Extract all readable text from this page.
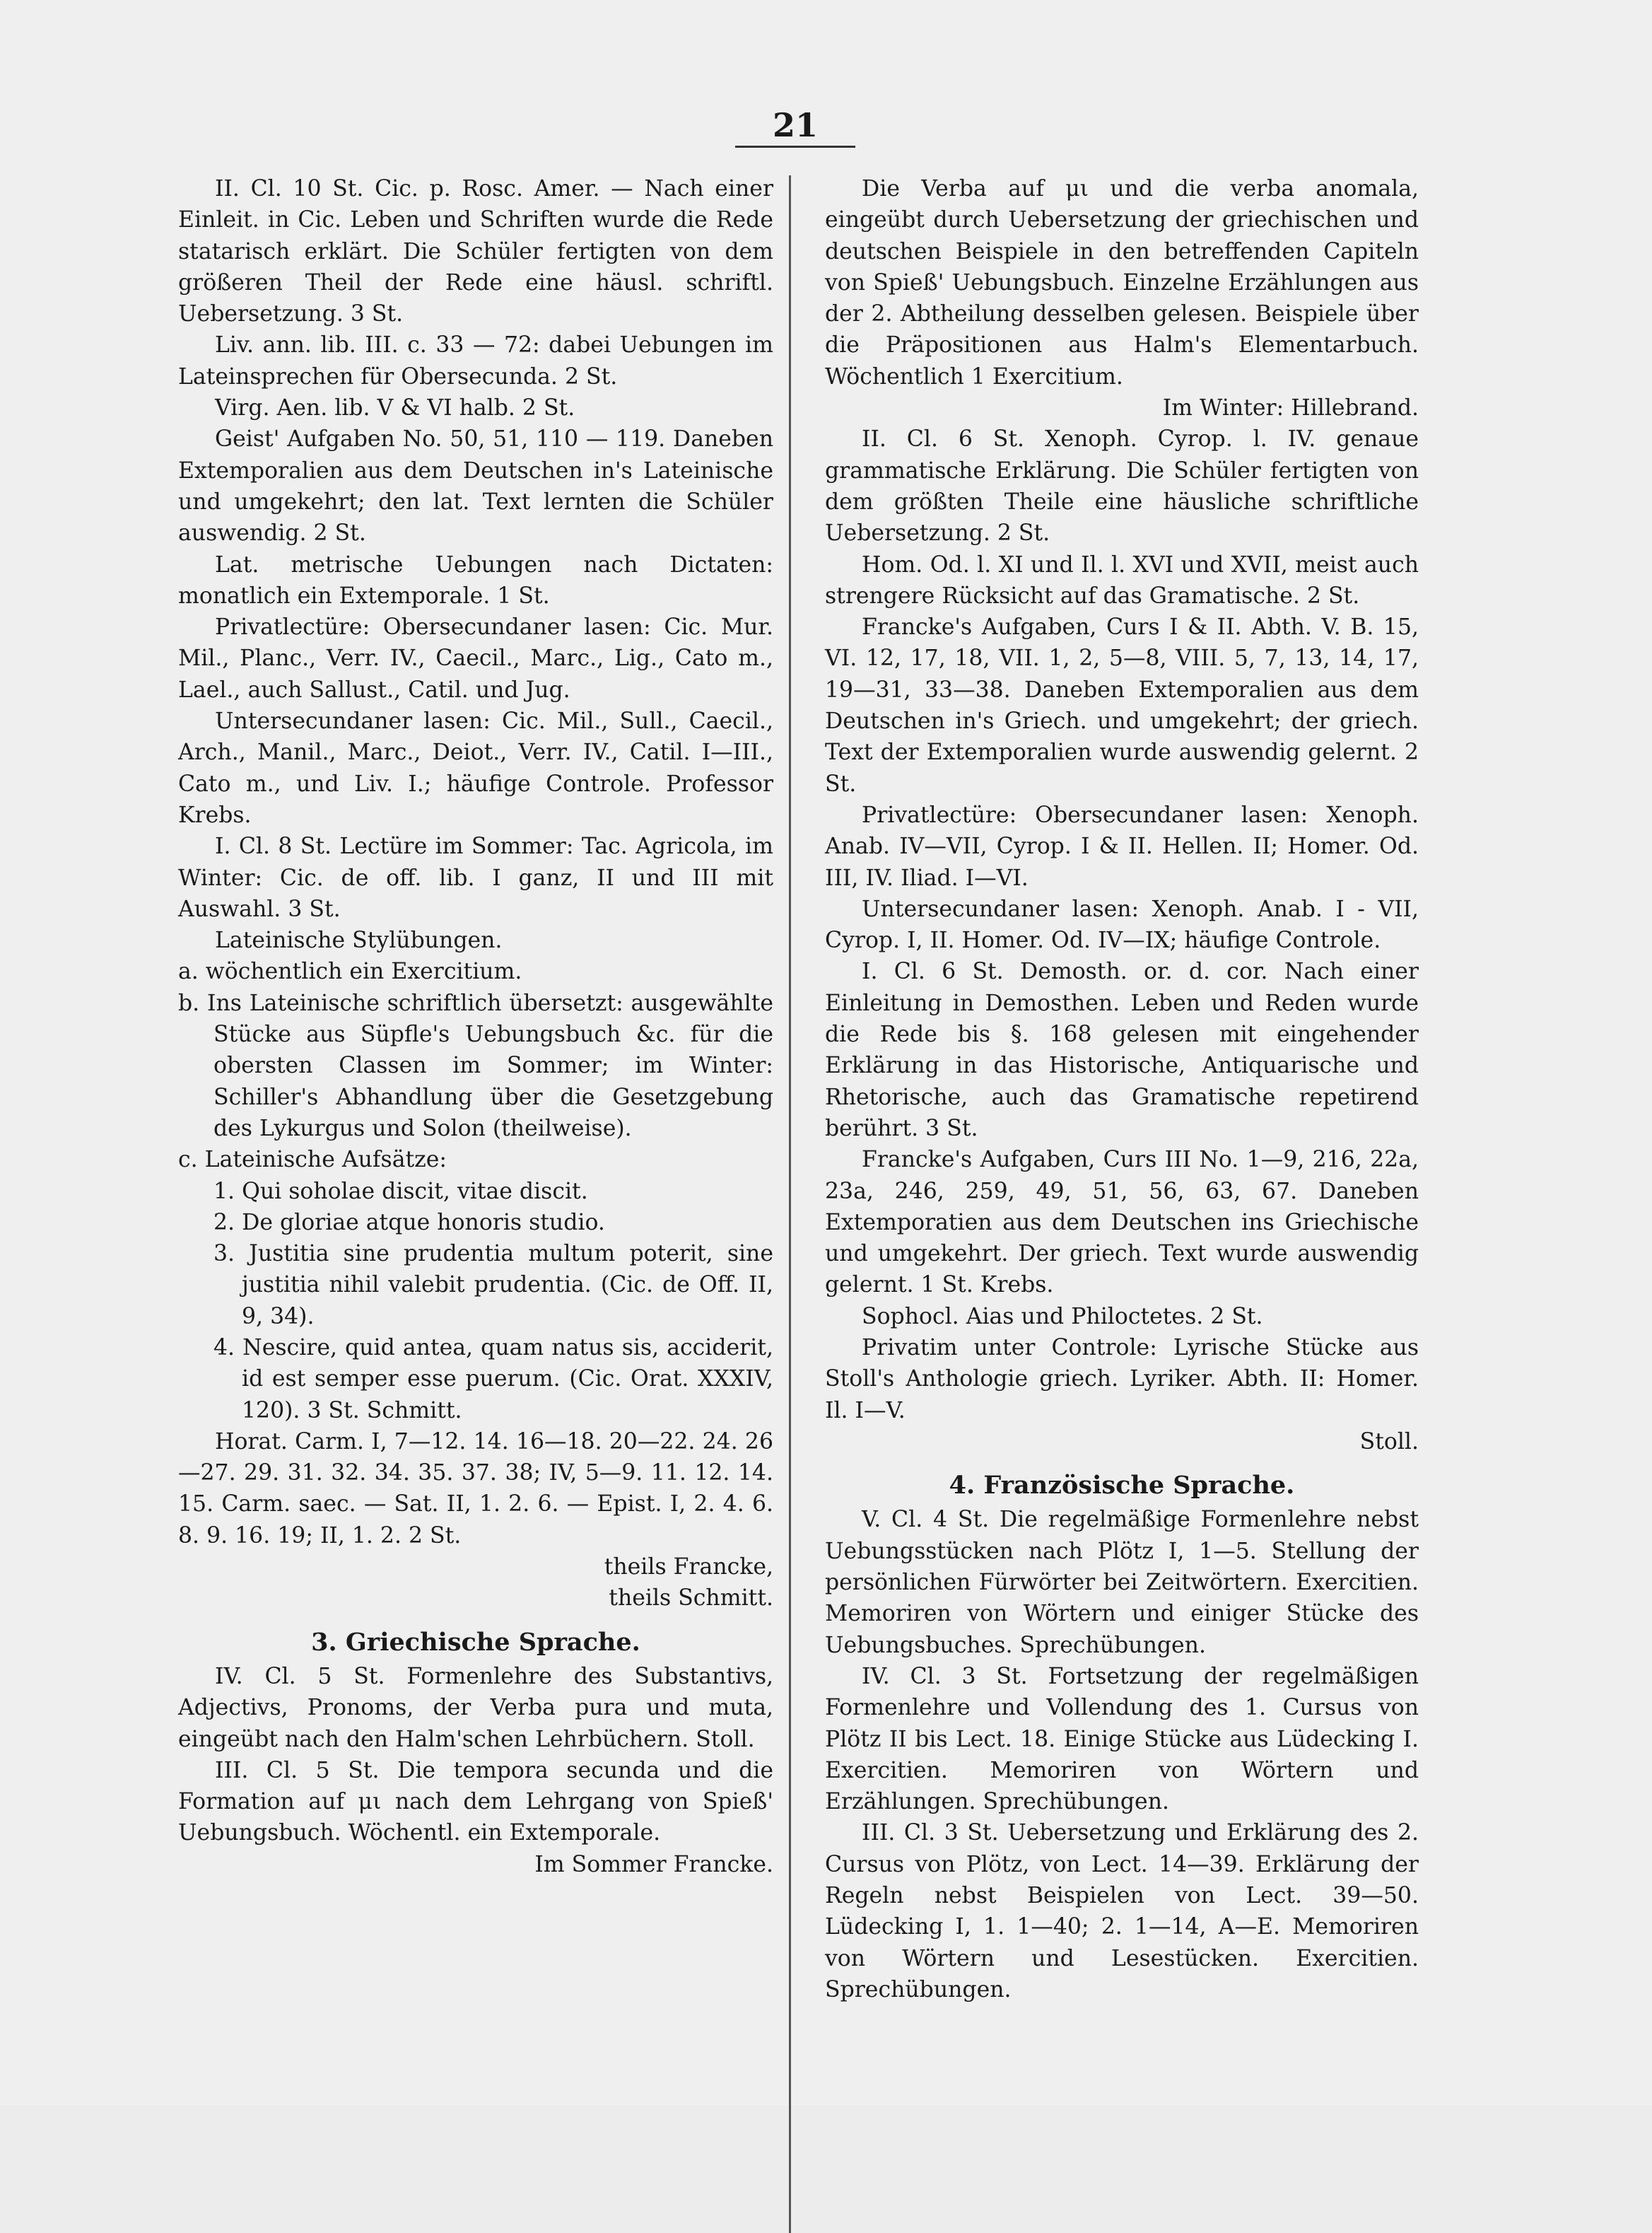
21

II. Cl. 10 St. Cic. p. Rosc. Amer. — Nach einer Einleit. in Cic. Leben und Schriften wurde die Rede statarisch erklärt. Die Schüler fertigten von dem größeren Theil der Rede eine häusl. schriftl. Uebersetzung. 3 St.

Liv. ann. lib. III. c. 33 — 72: dabei Uebungen im Lateinsprechen für Obersecunda. 2 St.

Virg. Aen. lib. V & VI halb. 2 St.

Geist' Aufgaben No. 50, 51, 110 — 119. Daneben Extemporalien aus dem Deutschen in's Lateinische und umgekehrt; den lat. Text lernten die Schüler auswendig. 2 St.

Lat. metrische Uebungen nach Dictaten: monatlich ein Extemporale. 1 St.

Privatlectüre: Obersecundaner lasen: Cic. Mur. Mil., Planc., Verr. IV., Caecil., Marc., Lig., Cato m., Lael., auch Sallust., Catil. und Jug.

Untersecundaner lasen: Cic. Mil., Sull., Caecil., Arch., Manil., Marc., Deiot., Verr. IV., Catil. I—III., Cato m., und Liv. I.; häufige Controle. Professor Krebs.

I. Cl. 8 St. Lectüre im Sommer: Tac. Agricola, im Winter: Cic. de off. lib. I ganz, II und III mit Auswahl. 3 St.

Lateinische Stylübungen.

a. wöchentlich ein Exercitium.

b. Ins Lateinische schriftlich übersetzt: ausgewählte Stücke aus Süpfle's Uebungsbuch &c. für die obersten Classen im Sommer; im Winter: Schiller's Abhandlung über die Gesetzgebung des Lykurgus und Solon (theilweise).

c. Lateinische Aufsätze:

1. Qui soholae discit, vitae discit.

2. De gloriae atque honoris studio.

3. Justitia sine prudentia multum poterit, sine justitia nihil valebit prudentia. (Cic. de Off. II, 9, 34).

4. Nescire, quid antea, quam natus sis, acciderit, id est semper esse puerum. (Cic. Orat. XXXIV, 120). 3 St. Schmitt.

Horat. Carm. I, 7—12. 14. 16—18. 20—22. 24. 26—27. 29. 31. 32. 34. 35. 37. 38; IV, 5—9. 11. 12. 14. 15. Carm. saec. — Sat. II, 1. 2. 6. — Epist. I, 2. 4. 6. 8. 9. 16. 19; II, 1. 2. 2 St.

theils Francke,

theils Schmitt.

3. Griechische Sprache.

IV. Cl. 5 St. Formenlehre des Substantivs, Adjectivs, Pronoms, der Verba pura und muta, eingeübt nach den Halm'schen Lehrbüchern. Stoll.

III. Cl. 5 St. Die tempora secunda und die Formation auf μι nach dem Lehrgang von Spieß' Uebungsbuch. Wöchentl. ein Extemporale.

Im Sommer Francke.

Die Verba auf μι und die verba anomala, eingeübt durch Uebersetzung der griechischen und deutschen Beispiele in den betreffenden Capiteln von Spieß' Uebungsbuch. Einzelne Erzählungen aus der 2. Abtheilung desselben gelesen. Beispiele über die Präpositionen aus Halm's Elementarbuch. Wöchentlich 1 Exercitium.

Im Winter: Hillebrand.

II. Cl. 6 St. Xenoph. Cyrop. l. IV. genaue grammatische Erklärung. Die Schüler fertigten von dem größten Theile eine häusliche schriftliche Uebersetzung. 2 St.

Hom. Od. l. XI und Il. l. XVI und XVII, meist auch strengere Rücksicht auf das Gramatische. 2 St.

Francke's Aufgaben, Curs I & II. Abth. V. B. 15, VI. 12, 17, 18, VII. 1, 2, 5—8, VIII. 5, 7, 13, 14, 17, 19—31, 33—38. Daneben Extemporalien aus dem Deutschen in's Griech. und umgekehrt; der griech. Text der Extemporalien wurde auswendig gelernt. 2 St.

Privatlectüre: Obersecundaner lasen: Xenoph. Anab. IV—VII, Cyrop. I & II. Hellen. II; Homer. Od. III, IV. Iliad. I—VI.

Untersecundaner lasen: Xenoph. Anab. I - VII, Cyrop. I, II. Homer. Od. IV—IX; häufige Controle.

I. Cl. 6 St. Demosth. or. d. cor. Nach einer Einleitung in Demosthen. Leben und Reden wurde die Rede bis §. 168 gelesen mit eingehender Erklärung in das Historische, Antiquarische und Rhetorische, auch das Gramatische repetirend berührt. 3 St.

Francke's Aufgaben, Curs III No. 1—9, 216, 22a, 23a, 246, 259, 49, 51, 56, 63, 67. Daneben Extemporatien aus dem Deutschen ins Griechische und umgekehrt. Der griech. Text wurde auswendig gelernt. 1 St. Krebs.

Sophocl. Aias und Philoctetes. 2 St.

Privatim unter Controle: Lyrische Stücke aus Stoll's Anthologie griech. Lyriker. Abth. II: Homer. Il. I—V.

Stoll.

4. Französische Sprache.

V. Cl. 4 St. Die regelmäßige Formenlehre nebst Uebungsstücken nach Plötz I, 1—5. Stellung der persönlichen Fürwörter bei Zeitwörtern. Exercitien. Memoriren von Wörtern und einiger Stücke des Uebungsbuches. Sprechübungen.

IV. Cl. 3 St. Fortsetzung der regelmäßigen Formenlehre und Vollendung des 1. Cursus von Plötz II bis Lect. 18. Einige Stücke aus Lüdecking I. Exercitien. Memoriren von Wörtern und Erzählungen. Sprechübungen.

III. Cl. 3 St. Uebersetzung und Erklärung des 2. Cursus von Plötz, von Lect. 14—39. Erklärung der Regeln nebst Beispielen von Lect. 39—50. Lüdecking I, 1. 1—40; 2. 1—14, A—E. Memoriren von Wörtern und Lesestücken. Exercitien. Sprechübungen.
